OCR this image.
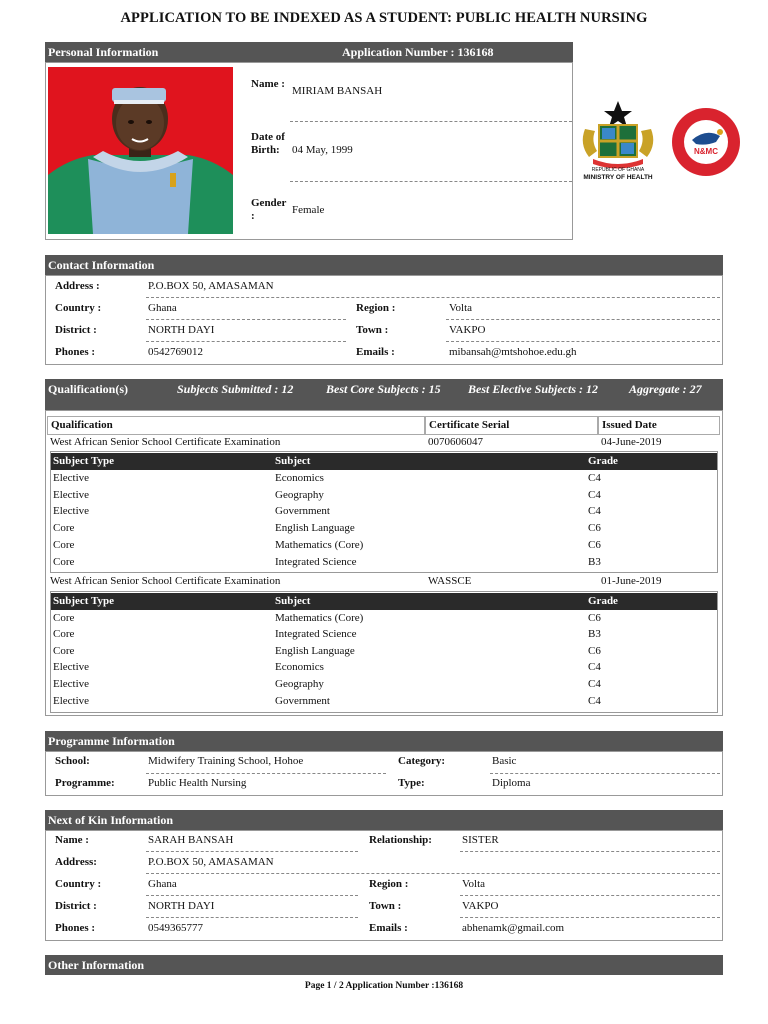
APPLICATION TO BE INDEXED AS A STUDENT: PUBLIC HEALTH NURSING
Personal Information	Application Number : 136168
Name :
MIRIAM BANSAH
Date of Birth:	04 May, 1999
Gender :	Female
REPUBLIC OF GHANA
MINISTRY OF HEALTH
N&MC
Contact Information
Address :	P.O.BOX 50, AMASAMAN
Country :	Ghana	Region :	Volta
District :	NORTH DAYI	Town :	VAKPO
Phones :	0542769012	Emails :	mibansah@mtshohoe.edu.gh
Qualification(s)	Subjects Submitted : 12	Best Core Subjects : 15 Best Elective Subjects : 12	Aggregate : 27
Qualification	Certificate Serial	Issued Date
West African Senior School Certificate Examination	0070606047	04-June-2019
Subject Type	Subject	Grade
Elective	Economics	C4
Elective	Geography	C4
Elective	Government	C4
Core	English Language	C6
Core	Mathematics (Core)	C6
Core	Integrated Science	B3
West African Senior School Certificate Examination	WASSCE	01-June-2019
Subject Type	Subject	Grade
Core	Mathematics (Core)	C6
Core	Integrated Science	B3
Core	English Language	C6
Elective	Economics	C4
Elective	Geography	C4
Elective	Government	C4
Programme Information
School:	Midwifery Training School, Hohoe	Category:	Basic
Programme:	Public Health Nursing	Type:	Diploma
Next of Kin Information
Name :	SARAH BANSAH	Relationship:	SISTER
Address:	P.O.BOX 50, AMASAMAN
Country :	Ghana	Region :	Volta
District :	NORTH DAYI	Town :	VAKPO
Phones :	0549365777	Emails :	abhenamk@gmail.com
Other Information
Page 1 / 2 Application Number :136168
